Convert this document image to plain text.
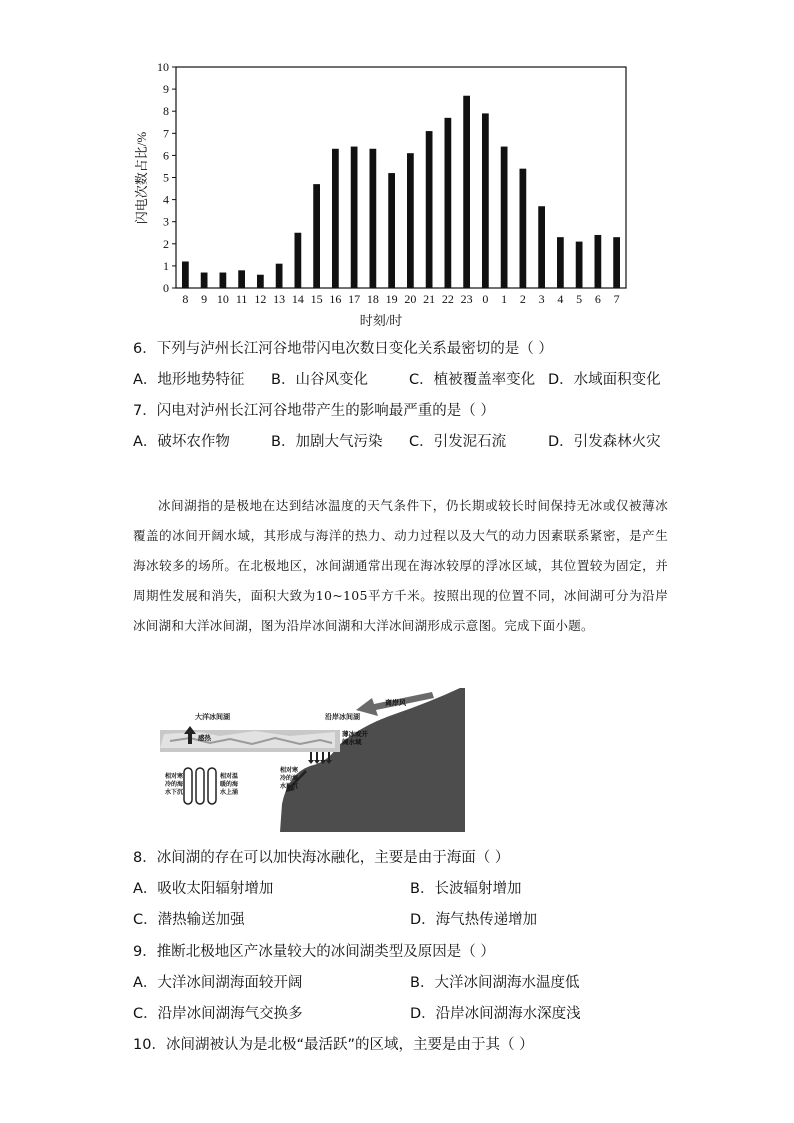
0
1
2
3
4
5
6
7
8
9
10
8 9 10 11 12 13 14 15 16 17 18 19 20 21 22 23 0 1 2 3 4 5 6 7
闪电次数占比/%
时刻/时
6．下列与泸州长江河谷地带闪电次数日变化关系最密切的是（ ）
A．地形地势特征 B．山谷风变化	C．植被覆盖率变化 D．水域面积变化
7．闪电对泸州长江河谷地带产生的影响最严重的是（ ）
A．破坏农作物	B．加剧大气污染 C．引发泥石流	D．引发森林火灾
冰间湖指的是极地在达到结冰温度的天气条件下，仍长期或较长时间保持无冰或仅被薄冰覆盖的冰间开阔水域，其形成与海洋的热力、动力过程以及大气的动力因素联系紧密，是产生海冰较多的场所。在北极地区，冰间湖通常出现在海冰较厚的浮冰区域，其位置较为固定，并周期性发展和消失，面积大致为10~105平方千米。按照出现的位置不同，冰间湖可分为沿岸冰间湖和大洋冰间湖，图为沿岸冰间湖和大洋冰间湖形成示意图。完成下面小题。
离岸风
大洋冰间湖	沿岸冰间湖
感热	薄冰或开
阔水域
相对寒
冷的海
水下沉
相对温
暖的海
水上涌
相对寒
冷的海
水下沉
8．冰间湖的存在可以加快海冰融化，主要是由于海面（ ）
A．吸收太阳辐射增加	B．长波辐射增加
C．潜热输送加强	D．海气热传递增加
9．推断北极地区产冰量较大的冰间湖类型及原因是（ ）
A．大洋冰间湖海面较开阔	B．大洋冰间湖海水温度低
C．沿岸冰间湖海气交换多	D．沿岸冰间湖海水深度浅
10．冰间湖被认为是北极“最活跃”的区域，主要是由于其（ ）
